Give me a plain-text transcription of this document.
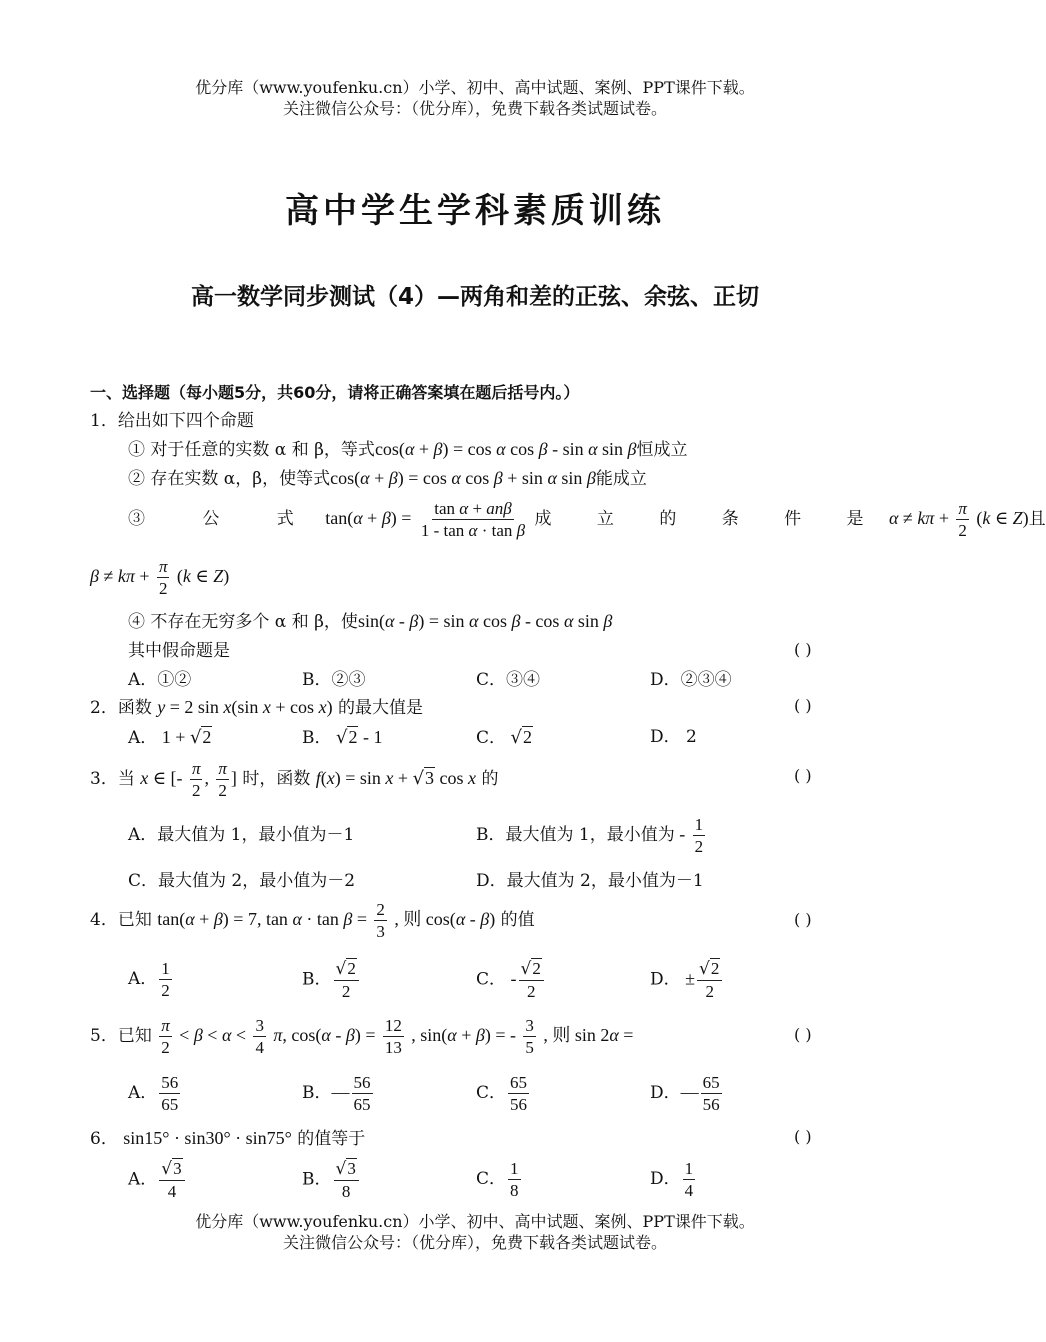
优分库（www.youfenku.cn）小学、初中、高中试题、案例、PPT课件下载。
关注微信公众号：（优分库），免费下载各类试题试卷。
高中学生学科素质训练
高一数学同步测试（4）—两角和差的正弦、余弦、正切
一、选择题（每小题5分，共60分，请将正确答案填在题后括号内。）
1．给出如下四个命题
① 对于任意的实数 α 和 β，等式cos(α + β) = cos α cos β - sin α sin β恒成立
② 存在实数 α，β，使等式cos(α + β) = cos α cos β + sin α sin β能成立
③ 公 式 $\tan(\alpha + \beta) = \frac{\text{tan α + anβ}}{\text{1 - tan α · tan β}}$ 成 立 的 条 件 是 $\alpha \ne k\pi + \frac{\pi}{2} (k$ ∈ Z)且
$\beta \ne k\pi + \frac{\pi}{2} (k$ ∈ Z)
④ 不存在无穷多个 α 和 β，使sin(α - β) = sin α cos β - cos α sin β
其中假命题是	( )
A．①②	B．②③	C．③④	D．②③④
2．函数 y = 2 sin x(sin x + cos x) 的最大值是	( )
A． 1 + √2	B． √2 - 1	C． √2	D． 2
3．当 x ∈ [- $\frac{\pi}{2}$ , $\frac{\pi}{2}$ ] 时，函数 f(x) = sin x + √3 cos x 的	( )
A．最大值为 1，最小值为－1	B．最大值为 1，最小值为 - $\frac{1}{2}$
C．最大值为 2，最小值为－2	D．最大值为 2，最小值为－1
4．已知 tan(α + β) = 7, $\tan \alpha \cdot \tan \beta = \frac{2}{3}$ , 则 cos(α - β) 的值	( )
A． $\frac{1}{2}$	B． $\frac{√2}{2}$	C． - $\frac{√2}{2}$	D． ± $\frac{√2}{2}$
5．已知 $\frac{\pi}{2} < \beta < \alpha < \frac{3}{4} \pi$, $\cos(\alpha - \beta) = \frac{12}{13}$ , sin(α + β) = - $\frac{3}{5}$ , 则 sin 2α =	( )
A． $\frac{56}{65}$	B．— $\frac{56}{65}$	C． $\frac{65}{56}$	D．— $\frac{65}{56}$
6． sin15° · sin30° · sin75° 的值等于	( )
A． $\frac{√3}{4}$	B． $\frac{√3}{8}$	C． $\frac{1}{8}$	D． $\frac{1}{4}$
优分库（www.youfenku.cn）小学、初中、高中试题、案例、PPT课件下载。
关注微信公众号：（优分库），免费下载各类试题试卷。
